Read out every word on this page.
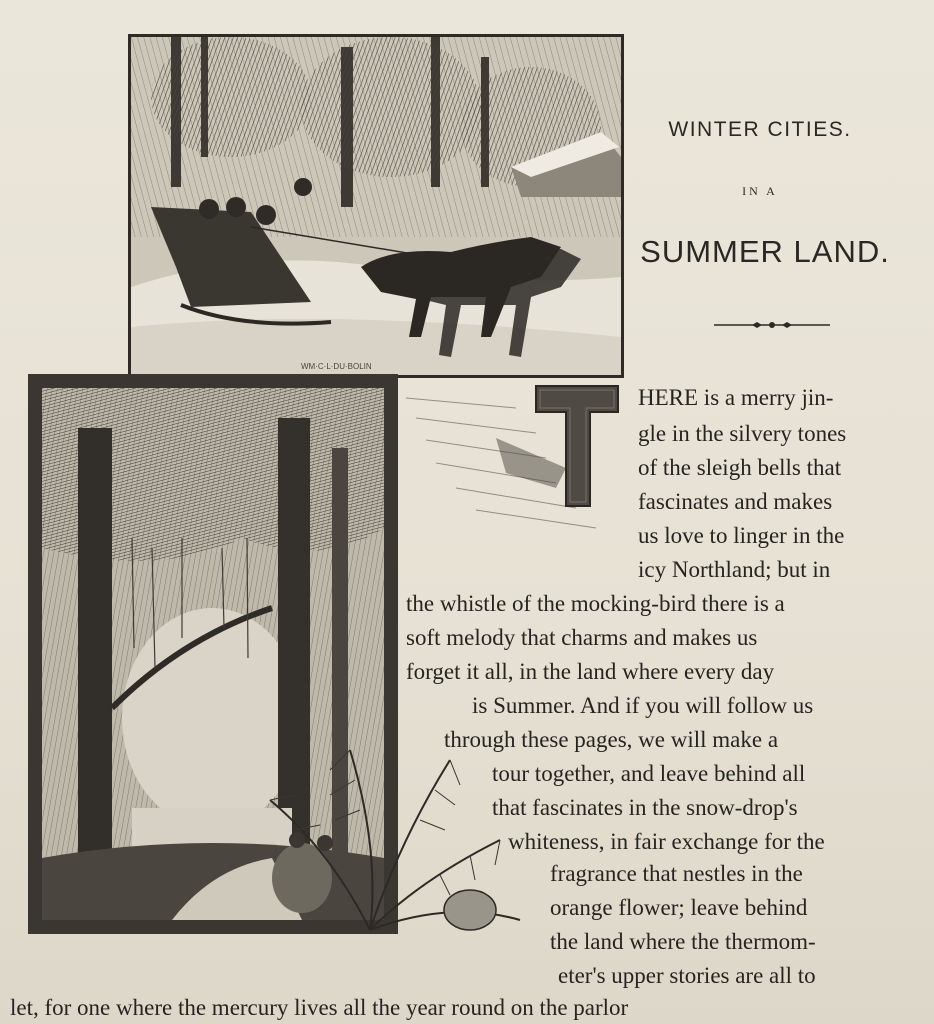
WM·C·L·DU·BOLIN
WINTER CITIES.
IN A
SUMMER LAND.
HERE is a merry jin-
gle in the silvery tones
of the sleigh bells that
fascinates and makes
us love to linger in the
icy Northland; but in
the whistle of the mocking-bird there is a
soft melody that charms and makes us
forget it all, in the land where every day
is Summer. And if you will follow us
through these pages, we will make a
tour together, and leave behind all
that fascinates in the snow-drop's
whiteness, in fair exchange for the
fragrance that nestles in the
orange flower; leave behind
the land where the thermom-
eter's upper stories are all to
let, for one where the mercury lives all the year round on the parlor
